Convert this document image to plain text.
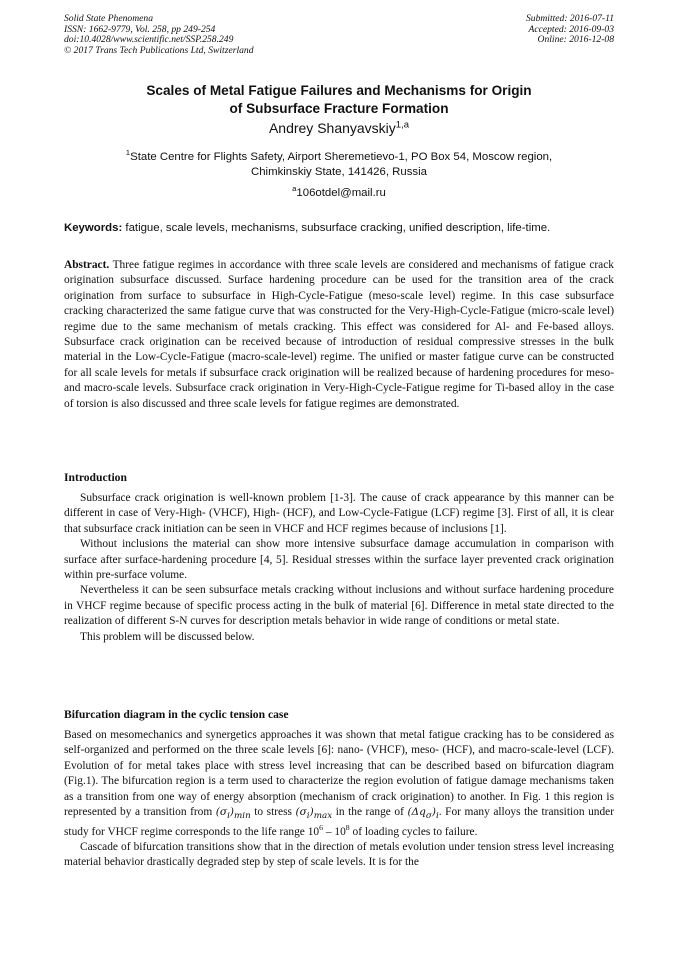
Solid State Phenomena
ISSN: 1662-9779, Vol. 258, pp 249-254
doi:10.4028/www.scientific.net/SSP.258.249
© 2017 Trans Tech Publications Ltd, Switzerland
Submitted: 2016-07-11
Accepted: 2016-09-03
Online: 2016-12-08
Scales of Metal Fatigue Failures and Mechanisms for Origin
of Subsurface Fracture Formation
Andrey Shanyavskiy$^{1,a}$
$^1$State Centre for Flights Safety, Airport Sheremetievo-1, PO Box 54, Moscow region,
Chimkinskiy State, 141426, Russia
$^a$106otdel@mail.ru
Keywords: fatigue, scale levels, mechanisms, subsurface cracking, unified description, life-time.
Abstract. Three fatigue regimes in accordance with three scale levels are considered and mechanisms of fatigue crack origination subsurface discussed. Surface hardening procedure can be used for the transition area of the crack origination from surface to subsurface in High-Cycle-Fatigue (meso-scale level) regime. In this case subsurface cracking characterized the same fatigue curve that was constructed for the Very-High-Cycle-Fatigue (micro-scale level) regime due to the same mechanism of metals cracking. This effect was considered for Al- and Fe-based alloys. Subsurface crack origination can be received because of introduction of residual compressive stresses in the bulk material in the Low-Cycle-Fatigue (macro-scale-level) regime. The unified or master fatigue curve can be constructed for all scale levels for metals if subsurface crack origination will be realized because of hardening procedures for meso- and macro-scale levels. Subsurface crack origination in Very-High-Cycle-Fatigue regime for Ti-based alloy in the case of torsion is also discussed and three scale levels for fatigue regimes are demonstrated.
Introduction

Subsurface crack origination is well-known problem [1-3]. The cause of crack appearance by this manner can be different in case of Very-High- (VHCF), High- (HCF), and Low-Cycle-Fatigue (LCF) regime [3]. First of all, it is clear that subsurface crack initiation can be seen in VHCF and HCF regimes because of inclusions [1].

Without inclusions the material can show more intensive subsurface damage accumulation in comparison with surface after surface-hardening procedure [4, 5]. Residual stresses within the surface layer prevented crack origination within pre-surface volume.

Nevertheless it can be seen subsurface metals cracking without inclusions and without surface hardening procedure in VHCF regime because of specific process acting in the bulk of material [6]. Difference in metal state directed to the realization of different S-N curves for description metals behavior in wide range of conditions or metal state.

This problem will be discussed below.

Bifurcation diagram in the cyclic tension case

Based on mesomechanics and synergetics approaches it was shown that metal fatigue cracking has to be considered as self-organized and performed on the three scale levels [6]: nano- (VHCF), meso- (HCF), and macro-scale-level (LCF). Evolution of for metal takes place with stress level increasing that can be described based on bifurcation diagram (Fig.1). The bifurcation region is a term used to characterize the region evolution of fatigue damage mechanisms taken as a transition from one way of energy absorption (mechanism of crack origination) to another. In Fig. 1 this region is represented by a transition from $(\sigma_i)_{min}$ to stress $(\sigma_i)_{max}$ in the range of $(\Delta q_\sigma)_i$. For many alloys the transition under study for VHCF regime corresponds to the life range $10^6 - 10^8$ of loading cycles to failure.

Cascade of bifurcation transitions show that in the direction of metals evolution under tension stress level increasing material behavior drastically degraded step by step of scale levels. It is for the
